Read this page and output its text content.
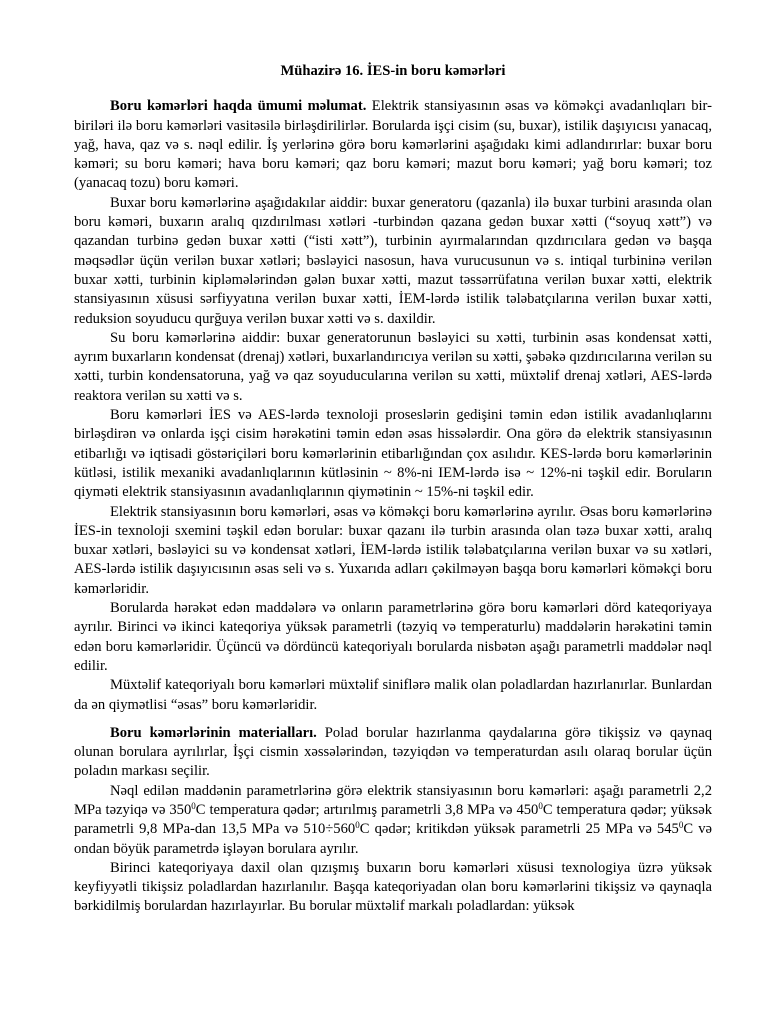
Mühazirə 16. İES-in boru kəmərləri

Boru kəmərləri haqda ümumi məlumat. Elektrik stansiyasının əsas və köməkçi avadanlıqları bir-biriləri ilə boru kəmərləri vasitəsilə birləşdirilirlər. Borularda işçi cisim (su, buxar), istilik daşıyıcısı yanacaq, yağ, hava, qaz və s. nəql edilir. İş yerlərinə görə boru kəmərlərini aşağıdakı kimi adlandırırlar: buxar boru kəməri; su boru kəməri; hava boru kəməri; qaz boru kəməri; mazut boru kəməri; yağ boru kəməri; toz (yanacaq tozu) boru kəməri.

Buxar boru kəmərlərinə aşağıdakılar aiddir: buxar generatoru (qazanla) ilə buxar turbini arasında olan boru kəməri, buxarın aralıq qızdırılması xətləri -turbindən qazana gedən buxar xətti (“soyuq xətt”) və qazandan turbinə gedən buxar xətti (“isti xətt”), turbinin ayırmalarından qızdırıcılara gedən və başqa məqsədlər üçün verilən buxar xətləri; bəsləyici nasosun, hava vurucusunun və s. intiqal turbininə verilən buxar xətti, turbinin kipləmələrindən gələn buxar xətti, mazut təssərrüfatına verilən buxar xətti, elektrik stansiyasının xüsusi sərfiyyatına verilən buxar xətti, İEM-lərdə istilik tələbatçılarına verilən buxar xətti, reduksion soyuducu qurğuya verilən buxar xətti və s. daxildir.

Su boru kəmərlərinə aiddir: buxar generatorunun bəsləyici su xətti, turbinin əsas kondensat xətti, ayrım buxarların kondensat (drenaj) xətləri, buxarlandırıcıya verilən su xətti, şəbəkə qızdırıcılarına verilən su xətti, turbin kondensatoruna, yağ və qaz soyuducularına verilən su xətti, müxtəlif drenaj xətləri, AES-lərdə reaktora verilən su xətti və s.

Boru kəmərləri İES və AES-lərdə texnoloji proseslərin gedişini təmin edən istilik avadanlıqlarını birləşdirən və onlarda işçi cisim hərəkətini təmin edən əsas hissələrdir. Ona görə də elektrik stansiyasının etibarlığı və iqtisadi göstəriçiləri boru kəmərlərinin etibarlığından çox asılıdır. KES-lərdə boru kəmərlərinin kütləsi, istilik mexaniki avadanlıqlarının kütləsinin ~ 8%-ni IEM-lərdə isə ~ 12%-ni təşkil edir. Boruların qiyməti elektrik stansiyasının avadanlıqlarının qiymətinin ~ 15%-ni təşkil edir.

Elektrik stansiyasının boru kəmərləri, əsas və köməkçi boru kəmərlərinə ayrılır. Əsas boru kəmərlərinə İES-in texnoloji sxemini təşkil edən borular: buxar qazanı ilə turbin arasında olan təzə buxar xətti, aralıq buxar xətləri, bəsləyici su və kondensat xətləri, İEM-lərdə istilik tələbatçılarına verilən buxar və su xətləri, AES-lərdə istilik daşıyıcısının əsas seli və s. Yuxarıda adları çəkilməyən başqa boru kəmərləri köməkçi boru kəmərləridir.

Borularda hərəkət edən maddələrə və onların parametrlərinə görə boru kəmərləri dörd kateqoriyaya ayrılır. Birinci və ikinci kateqoriya yüksək parametrli (təzyiq və temperaturlu) maddələrin hərəkətini təmin edən boru kəmərləridir. Üçüncü və dördüncü kateqoriyalı borularda nisbətən aşağı parametrli maddələr nəql edilir.

Müxtəlif kateqoriyalı boru kəmərləri müxtəlif siniflərə malik olan poladlardan hazırlanırlar. Bunlardan da ən qiymətlisi “əsas” boru kəmərləridir.

Boru kəmərlərinin materialları. Polad borular hazırlanma qaydalarına görə tikişsiz və qaynaq olunan borulara ayrılırlar, İşçi cismin xəssələrindən, təzyiqdən və temperaturdan asılı olaraq borular üçün poladın markası seçilir.

Nəql edilən maddənin parametrlərinə görə elektrik stansiyasının boru kəmərləri: aşağı parametrli 2,2 MPa təzyiqə və $350^0C$ temperatura qədər; artırılmış parametrli 3,8 MPa və $450^0C$ temperatura qədər; yüksək parametrli 9,8 MPa-dan 13,5 MPa və $510\div 560^0C$ qədər; kritikdən yüksək parametrli 25 MPa və $545^0C$ və ondan böyük parametrdə işləyən borulara ayrılır.

Birinci kateqoriyaya daxil olan qızışmış buxarın boru kəmərləri xüsusi texnologiya üzrə yüksək keyfiyyətli tikişsiz poladlardan hazırlanılır. Başqa kateqoriyadan olan boru kəmərlərini tikişsiz və qaynaqla bərkidilmiş borulardan hazırlayırlar. Bu borular müxtəlif markalı poladlardan: yüksək
